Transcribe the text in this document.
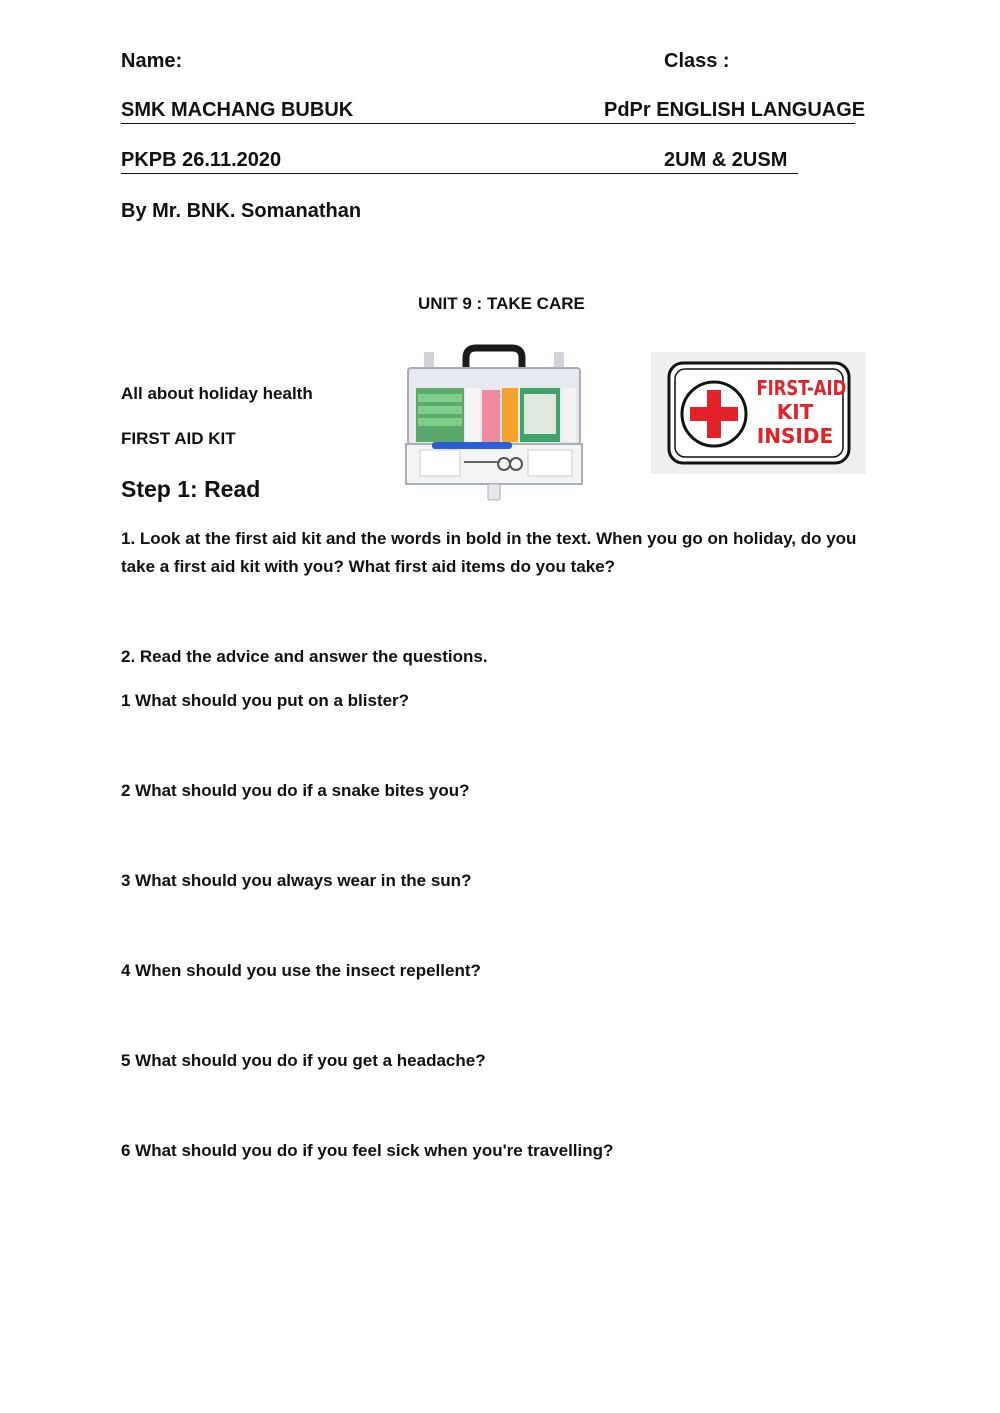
Name:	Class :
SMK MACHANG BUBUK	PdPr ENGLISH LANGUAGE
PKPB 26.11.2020	2UM & 2USM
By Mr. BNK. Somanathan
UNIT 9 : TAKE CARE
All about holiday health
FIRST AID KIT
FIRST-AID
KIT
INSIDE
Step 1: Read
1. Look at the first aid kit and the words in bold in the text. When you go on holiday, do you take a first aid kit with you? What first aid items do you take?
2. Read the advice and answer the questions.
1 What should you put on a blister?
2 What should you do if a snake bites you?
3 What should you always wear in the sun?
4 When should you use the insect repellent?
5 What should you do if you get a headache?
6 What should you do if you feel sick when you're travelling?
